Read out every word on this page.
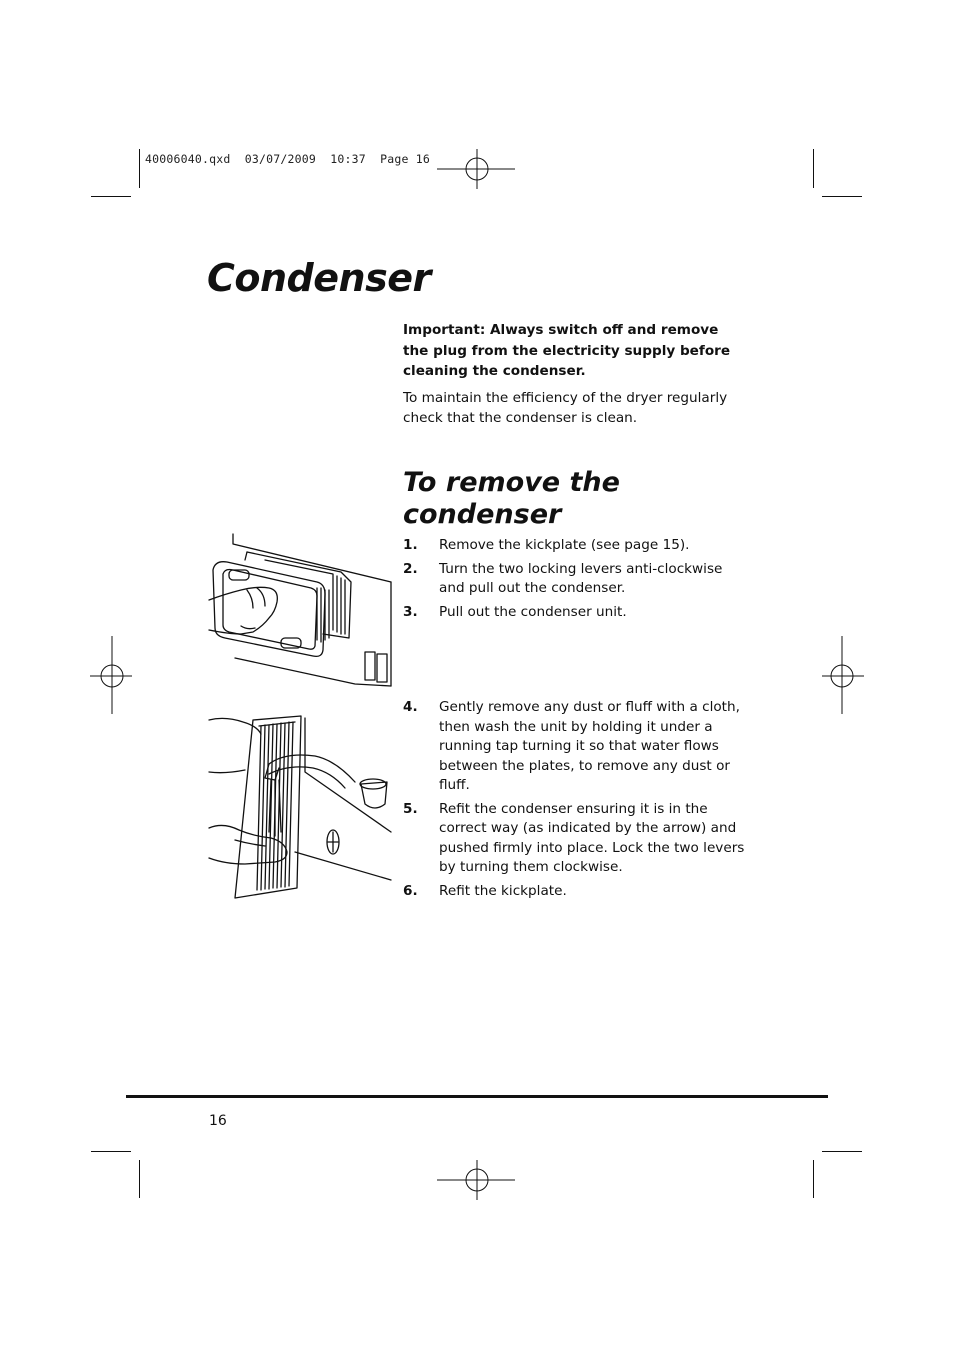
40006040.qxd  03/07/2009  10:37  Page 16
Condenser

Important: Always switch off and remove the plug from the electricity supply before cleaning the condenser.

To maintain the efficiency of the dryer regularly check that the condenser is clean.

To remove the condenser
1.	Remove the kickplate (see page 15).
2.	Turn the two locking levers anti-clockwise and pull out the condenser.
3.	Pull out the condenser unit.
4.	Gently remove any dust or fluff with a cloth, then wash the unit by holding it under a running tap turning it so that water flows between the plates, to remove any dust or fluff.
5.	Refit the condenser ensuring it is in the correct way (as indicated by the arrow) and pushed firmly into place. Lock the two levers by turning them clockwise.
6.	Refit the kickplate.
16
